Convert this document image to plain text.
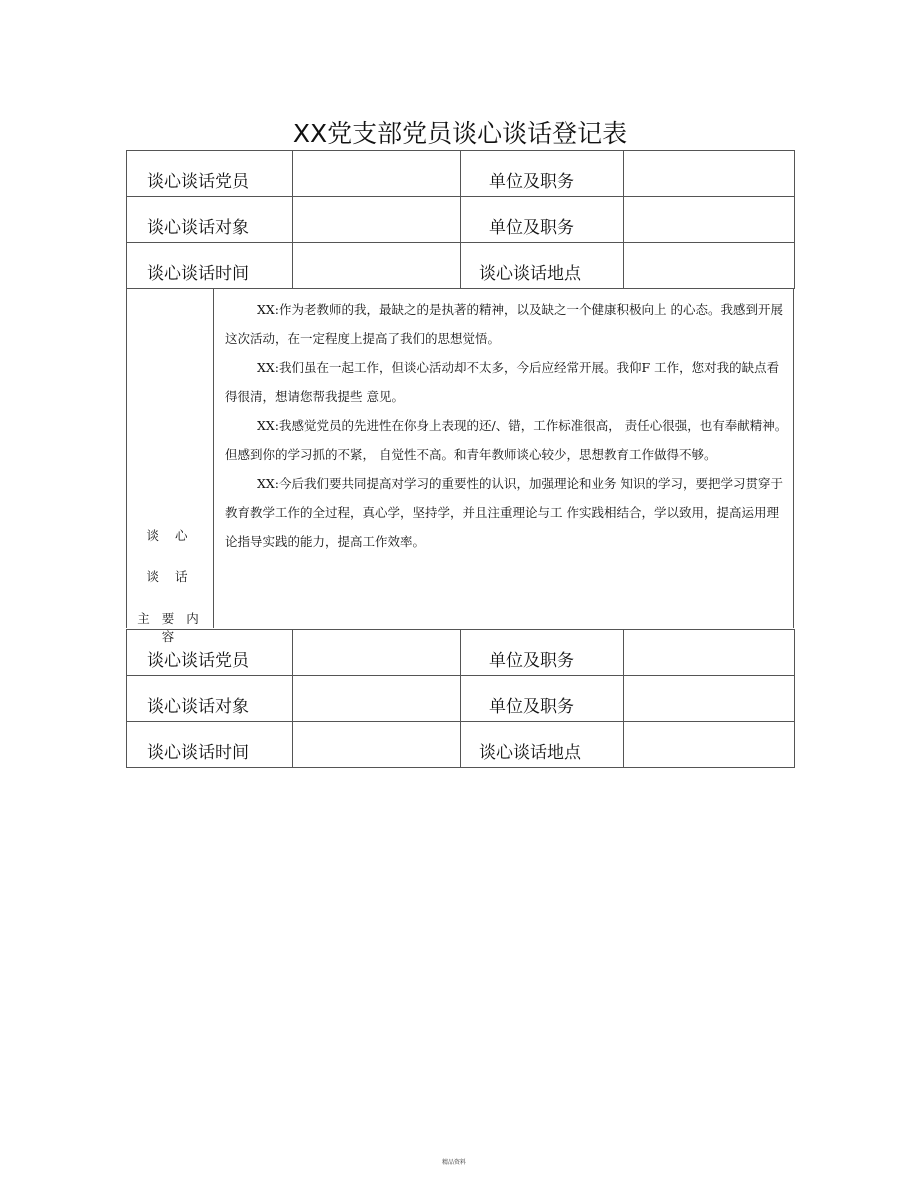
XX党支部党员谈心谈话登记表
谈心谈话党员		单位及职务	
谈心谈话对象		单位及职务	
谈心谈话时间		谈心谈话地点	
谈 心
谈 话
主 要 内 容

XX:作为老教师的我，最缺之的是执著的精神，以及缺之一个健康积极向上 的心态。我感到开展这次活动，在一定程度上提高了我们的思想觉悟。

XX:我们虽在一起工作，但谈心活动却不太多，今后应经常开展。我仰F 工作，您对我的缺点看得很清，想请您帮我提些 意见。

XX:我感觉党员的先进性在你身上表现的还/、错，工作标准很高， 责任心很强，也有奉献精神。但感到你的学习抓的不紧， 自觉性不高。和青年教师谈心较少，思想教育工作做得不够。

XX:今后我们要共同提高对学习的重要性的认识，加强理论和业务 知识的学习，要把学习贯穿于教育教学工作的全过程，真心学，坚持学，并且注重理论与工 作实践相结合，学以致用，提高运用理论指导实践的能力，提高工作效率。

谈心谈话党员		单位及职务	
谈心谈话对象		单位及职务	
谈心谈话时间		谈心谈话地点	
精品资料
